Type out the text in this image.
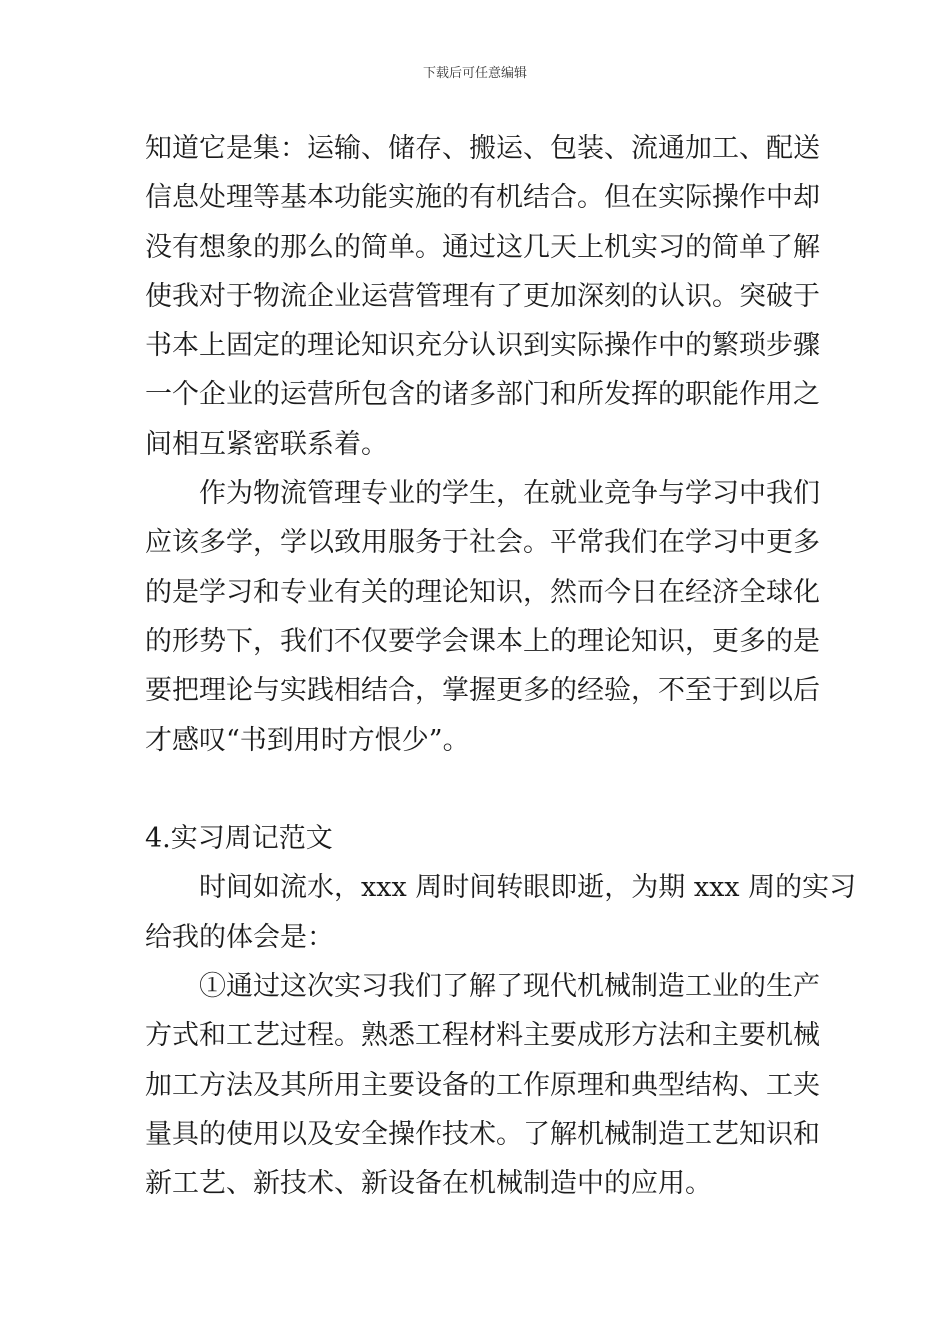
下载后可任意编辑
知道它是集：运输、储存、搬运、包装、流通加工、配送
信息处理等基本功能实施的有机结合。但在实际操作中却
没有想象的那么的简单。通过这几天上机实习的简单了解
使我对于物流企业运营管理有了更加深刻的认识。突破于
书本上固定的理论知识充分认识到实际操作中的繁琐步骤
一个企业的运营所包含的诸多部门和所发挥的职能作用之
间相互紧密联系着。
作为物流管理专业的学生，在就业竞争与学习中我们
应该多学，学以致用服务于社会。平常我们在学习中更多
的是学习和专业有关的理论知识，然而今日在经济全球化
的形势下，我们不仅要学会课本上的理论知识，更多的是
要把理论与实践相结合，掌握更多的经验，不至于到以后
才感叹“书到用时方恨少”。
4.实习周记范文
时间如流水，xxx 周时间转眼即逝，为期 xxx 周的实习
给我的体会是：
①通过这次实习我们了解了现代机械制造工业的生产
方式和工艺过程。熟悉工程材料主要成形方法和主要机械
加工方法及其所用主要设备的工作原理和典型结构、工夹
量具的使用以及安全操作技术。了解机械制造工艺知识和
新工艺、新技术、新设备在机械制造中的应用。
